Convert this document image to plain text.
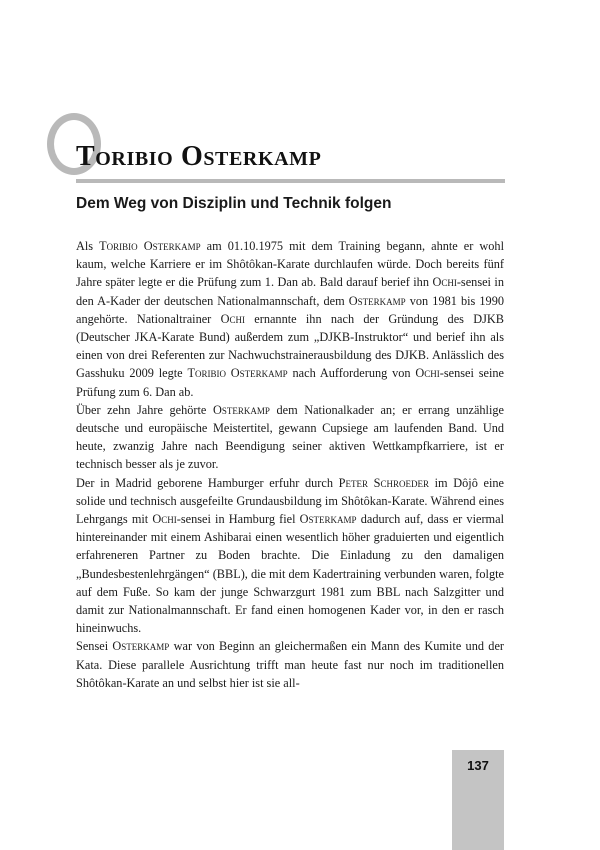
Toribio Osterkamp
Dem Weg von Disziplin und Technik folgen

Als Toribio Osterkamp am 01.10.1975 mit dem Training begann, ahnte er wohl kaum, welche Karriere er im Shôtôkan-Karate durchlaufen würde. Doch bereits fünf Jahre später legte er die Prüfung zum 1. Dan ab. Bald darauf berief ihn Ochi-sensei in den A-Kader der deutschen Nationalmannschaft, dem Osterkamp von 1981 bis 1990 angehörte. Nationaltrainer Ochi ernannte ihn nach der Gründung des DJKB (Deutscher JKA-Karate Bund) außerdem zum „DJKB-Instruktor“ und berief ihn als einen von drei Referenten zur Nachwuchstrainerausbildung des DJKB. Anlässlich des Gasshuku 2009 legte Toribio Osterkamp nach Aufforderung von Ochi-sensei seine Prüfung zum 6. Dan ab.

Über zehn Jahre gehörte Osterkamp dem Nationalkader an; er errang unzählige deutsche und europäische Meistertitel, gewann Cupsiege am laufenden Band. Und heute, zwanzig Jahre nach Beendigung seiner aktiven Wettkampfkarriere, ist er technisch besser als je zuvor.

Der in Madrid geborene Hamburger erfuhr durch Peter Schroeder im Dôjô eine solide und technisch ausgefeilte Grundausbildung im Shôtôkan-Karate. Während eines Lehrgangs mit Ochi-sensei in Hamburg fiel Osterkamp dadurch auf, dass er viermal hintereinander mit einem Ashibarai einen wesentlich höher graduierten und eigentlich erfahreneren Partner zu Boden brachte. Die Einladung zu den damaligen „Bundesbestenlehrgängen“ (BBL), die mit dem Kadertraining verbunden waren, folgte auf dem Fuße. So kam der junge Schwarzgurt 1981 zum BBL nach Salzgitter und damit zur Nationalmannschaft. Er fand einen homogenen Kader vor, in den er rasch hineinwuchs.

Sensei Osterkamp war von Beginn an gleichermaßen ein Mann des Kumite und der Kata. Diese parallele Ausrichtung trifft man heute fast nur noch im traditionellen Shôtôkan-Karate an und selbst hier ist sie all-

137
